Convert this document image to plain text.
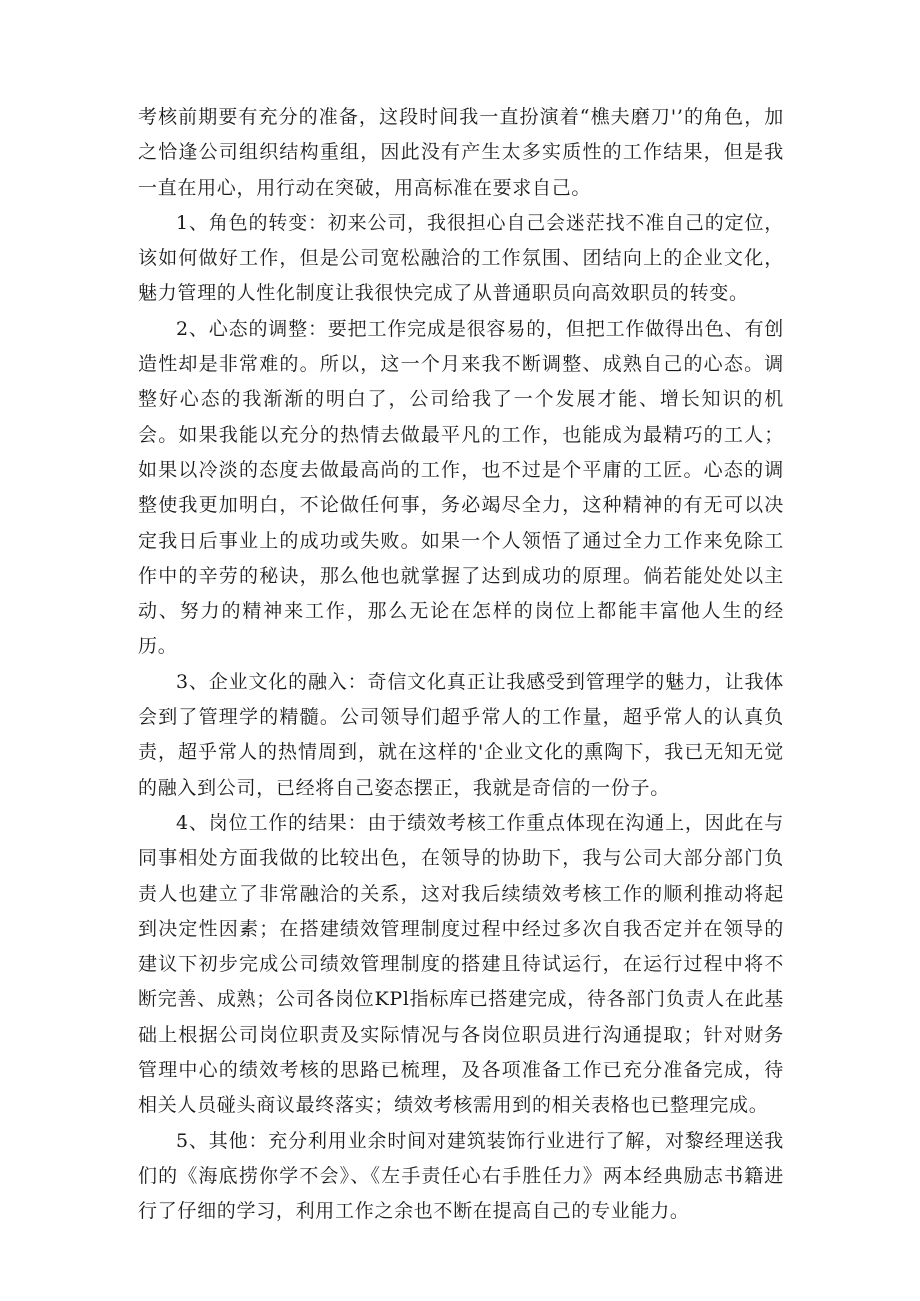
考核前期要有充分的准备，这段时间我一直扮演着“樵夫磨刀'’的角色，加之恰逢公司组织结构重组，因此没有产生太多实质性的工作结果，但是我一直在用心，用行动在突破，用高标准在要求自己。

1、角色的转变：初来公司，我很担心自己会迷茫找不准自己的定位，该如何做好工作，但是公司宽松融洽的工作氛围、团结向上的企业文化，魅力管理的人性化制度让我很快完成了从普通职员向高效职员的转变。

2、心态的调整：要把工作完成是很容易的，但把工作做得出色、有创造性却是非常难的。所以，这一个月来我不断调整、成熟自己的心态。调整好心态的我渐渐的明白了，公司给我了一个发展才能、增长知识的机会。如果我能以充分的热情去做最平凡的工作，也能成为最精巧的工人；如果以冷淡的态度去做最高尚的工作，也不过是个平庸的工匠。心态的调整使我更加明白，不论做任何事，务必竭尽全力，这种精神的有无可以决定我日后事业上的成功或失败。如果一个人领悟了通过全力工作来免除工作中的辛劳的秘诀，那么他也就掌握了达到成功的原理。倘若能处处以主动、努力的精神来工作，那么无论在怎样的岗位上都能丰富他人生的经历。

3、企业文化的融入：奇信文化真正让我感受到管理学的魅力，让我体会到了管理学的精髓。公司领导们超乎常人的工作量，超乎常人的认真负责，超乎常人的热情周到，就在这样的'企业文化的熏陶下，我已无知无觉的融入到公司，已经将自己姿态摆正，我就是奇信的一份子。

4、岗位工作的结果：由于绩效考核工作重点体现在沟通上，因此在与同事相处方面我做的比较出色，在领导的协助下，我与公司大部分部门负责人也建立了非常融洽的关系，这对我后续绩效考核工作的顺利推动将起到决定性因素；在搭建绩效管理制度过程中经过多次自我否定并在领导的建议下初步完成公司绩效管理制度的搭建且待试运行，在运行过程中将不断完善、成熟；公司各岗位KPl指标库已搭建完成，待各部门负责人在此基础上根据公司岗位职责及实际情况与各岗位职员进行沟通提取；针对财务管理中心的绩效考核的思路已梳理，及各项准备工作已充分准备完成，待相关人员碰头商议最终落实；绩效考核需用到的相关表格也已整理完成。

5、其他：充分利用业余时间对建筑装饰行业进行了解，对黎经理送我们的《海底捞你学不会》、《左手责任心右手胜任力》两本经典励志书籍进行了仔细的学习，利用工作之余也不断在提高自己的专业能力。
